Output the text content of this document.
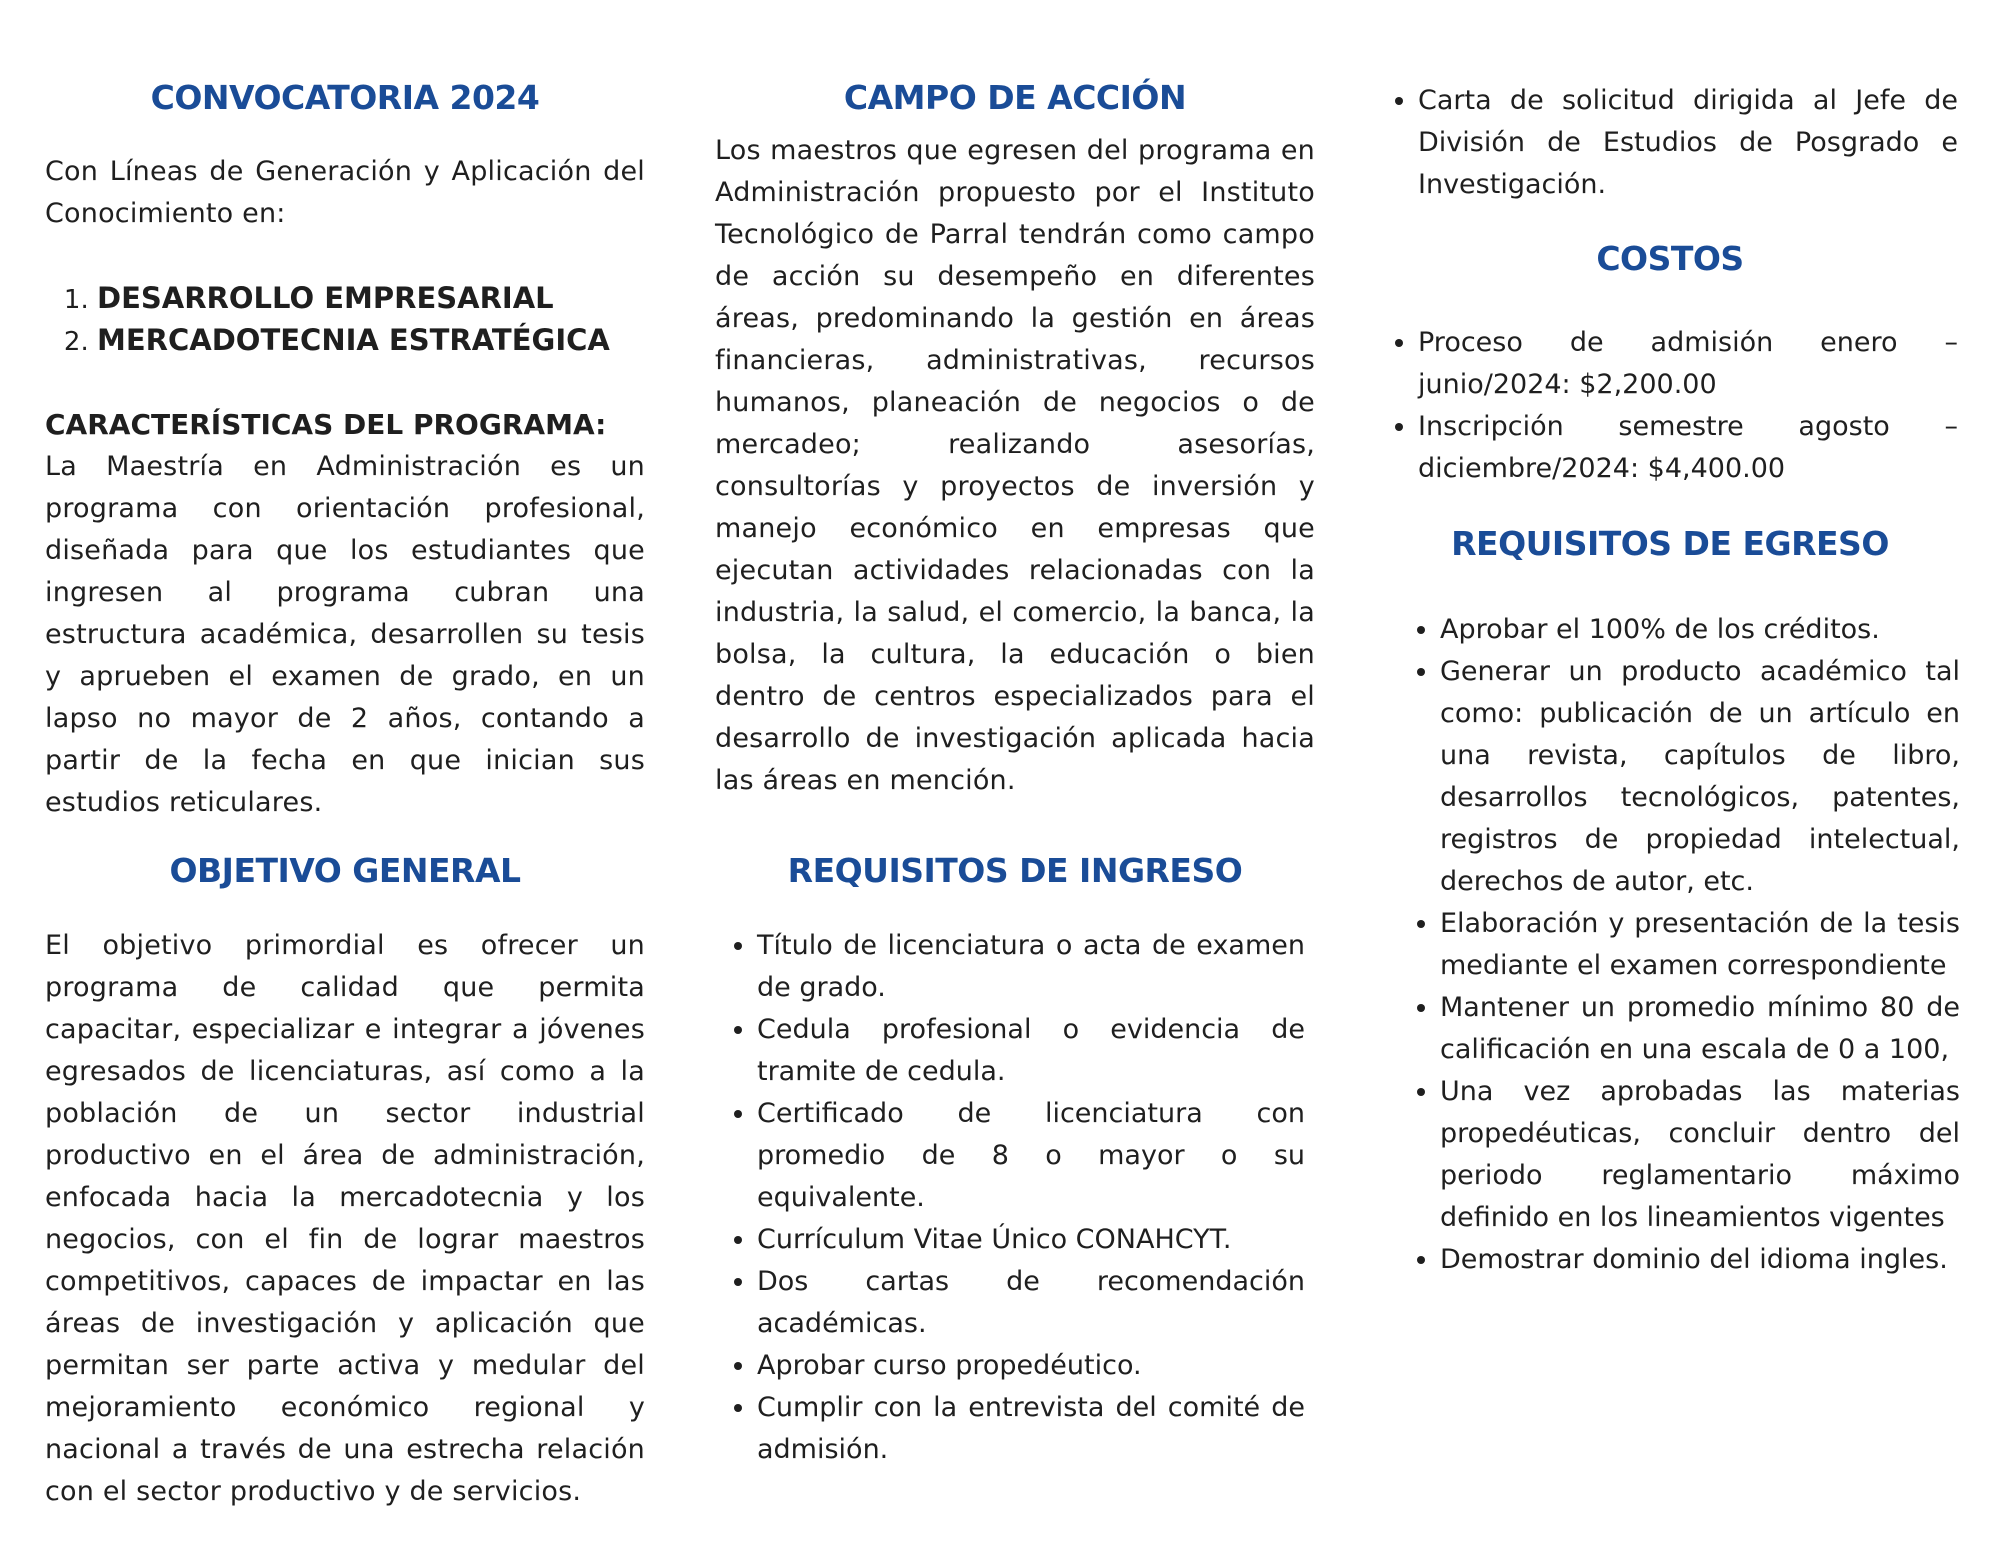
CONVOCATORIA 2024

Con Líneas de Generación y Aplicación del Conocimiento en:

1. DESARROLLO EMPRESARIAL
2. MERCADOTECNIA ESTRATÉGICA
CARACTERÍSTICAS DEL PROGRAMA:

La Maestría en Administración es un programa con orientación profesional, diseñada para que los estudiantes que ingresen al programa cubran una estructura académica, desarrollen su tesis y aprueben el examen de grado, en un lapso no mayor de 2 años, contando a partir de la fecha en que inician sus estudios reticulares.

OBJETIVO GENERAL

El objetivo primordial es ofrecer un programa de calidad que permita capacitar, especializar e integrar a jóvenes egresados de licenciaturas, así como a la población de un sector industrial productivo en el área de administración, enfocada hacia la mercadotecnia y los negocios, con el fin de lograr maestros competitivos, capaces de impactar en las áreas de investigación y aplicación que permitan ser parte activa y medular del mejoramiento económico regional y nacional a través de una estrecha relación con el sector productivo y de servicios.

CAMPO DE ACCIÓN

Los maestros que egresen del programa en Administración propuesto por el Instituto Tecnológico de Parral tendrán como campo de acción su desempeño en diferentes áreas, predominando la gestión en áreas financieras, administrativas, recursos humanos, planeación de negocios o de mercadeo; realizando asesorías, consultorías y proyectos de inversión y manejo económico en empresas que ejecutan actividades relacionadas con la industria, la salud, el comercio, la banca, la bolsa, la cultura, la educación o bien dentro de centros especializados para el desarrollo de investigación aplicada hacia las áreas en mención.

REQUISITOS DE INGRESO
• Título de licenciatura o acta de examen de grado.
• Cedula profesional o evidencia de tramite de cedula.
• Certificado de licenciatura con promedio de 8 o mayor o su equivalente.
• Currículum Vitae Único CONAHCYT.
• Dos cartas de recomendación académicas.
• Aprobar curso propedéutico.
• Cumplir con la entrevista del comité de admisión.
• Carta de solicitud dirigida al Jefe de División de Estudios de Posgrado e Investigación.
COSTOS
• Proceso de admisión enero – junio/2024: $2,200.00
• Inscripción semestre agosto – diciembre/2024: $4,400.00
REQUISITOS DE EGRESO
• Aprobar el 100% de los créditos.
• Generar un producto académico tal como: publicación de un artículo en una revista, capítulos de libro, desarrollos tecnológicos, patentes, registros de propiedad intelectual, derechos de autor, etc.
• Elaboración y presentación de la tesis mediante el examen correspondiente
• Mantener un promedio mínimo 80 de calificación en una escala de 0 a 100,
• Una vez aprobadas las materias propedéuticas, concluir dentro del periodo reglamentario máximo definido en los lineamientos vigentes
• Demostrar dominio del idioma ingles.
